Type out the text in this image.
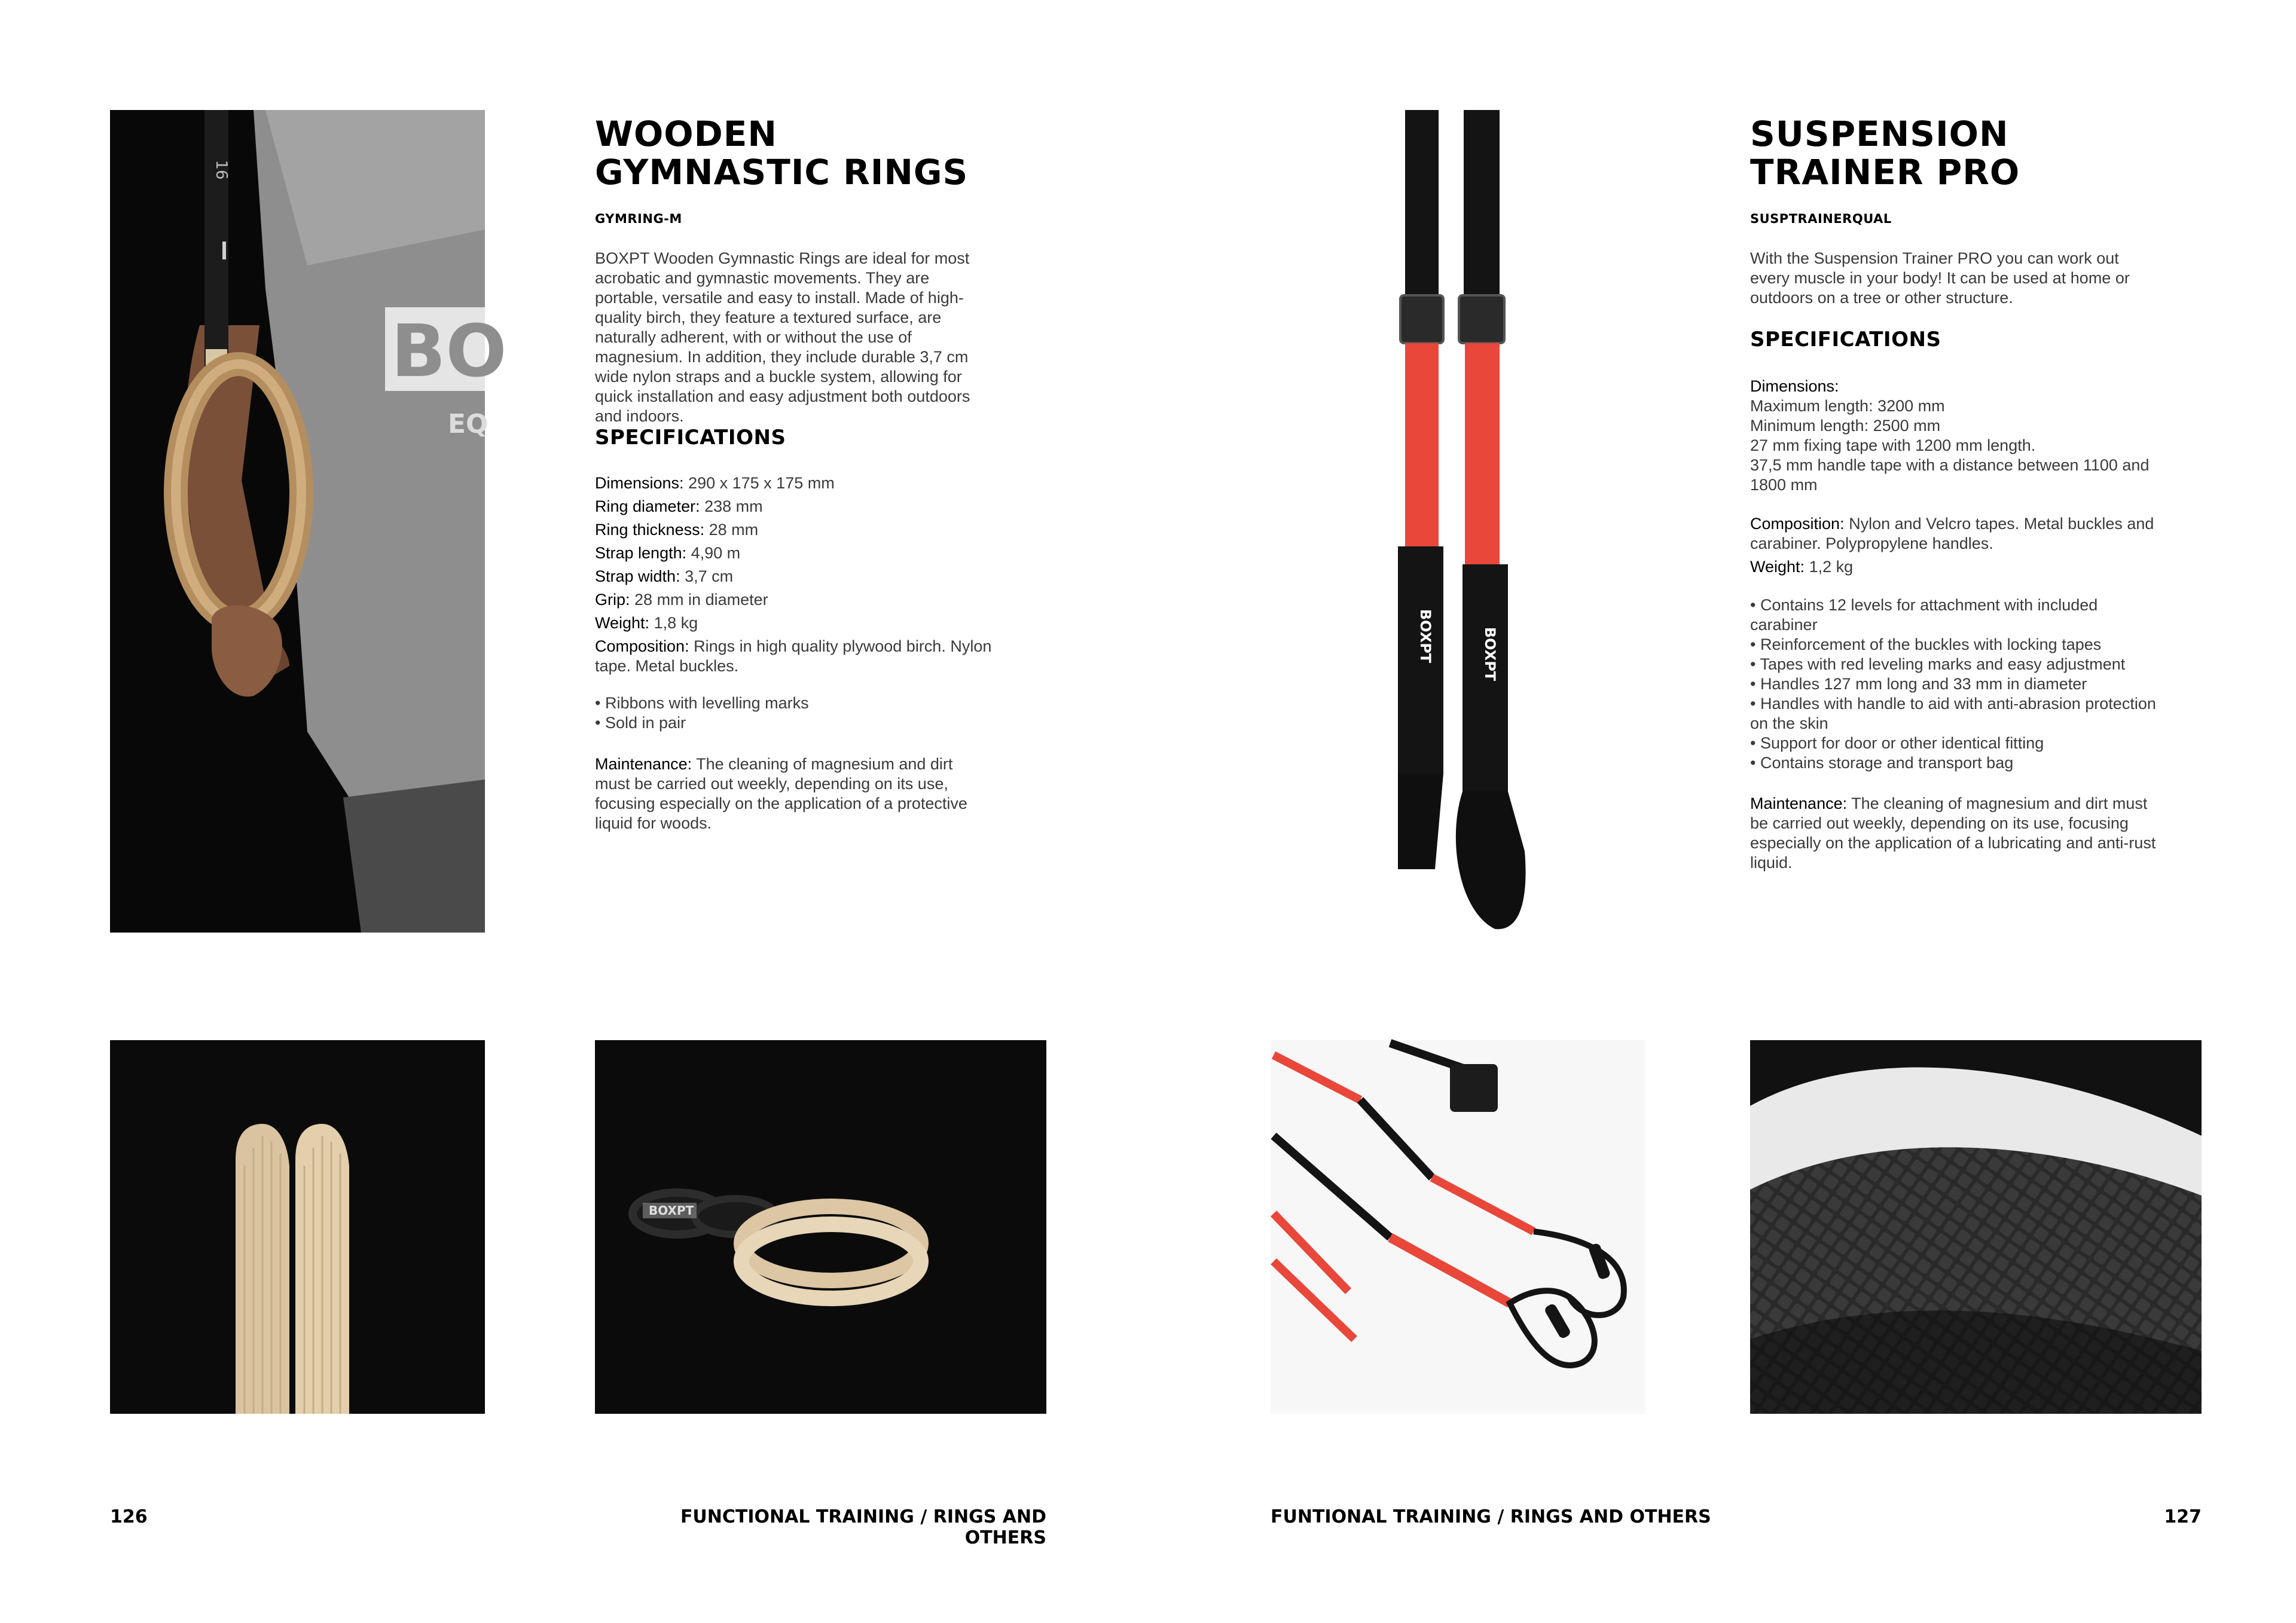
16
BO
EQ

WOODEN

GYMNASTIC RINGS

GYMRING-M

BOXPT Wooden Gymnastic Rings are ideal for most acrobatic and gymnastic movements. They are portable, versatile and easy to install. Made of high-quality birch, they feature a textured surface, are naturally adherent, with or without the use of magnesium. In addition, they include durable 3,7 cm wide nylon straps and a buckle system, allowing for quick installation and easy adjustment both outdoors and indoors.

SPECIFICATIONS
Dimensions: 290 x 175 x 175 mm
Ring diameter: 238 mm
Ring thickness: 28 mm
Strap length: 4,90 m
Strap width: 3,7 cm
Grip: 28 mm in diameter
Weight: 1,8 kg
Composition: Rings in high quality plywood birch. Nylon tape. Metal buckles.
• Ribbons with levelling marks
• Sold in pair

Maintenance: The cleaning of magnesium and dirt must be carried out weekly, depending on its use, focusing especially on the application of a protective liquid for woods.

BOXPT
126	FUNCTIONAL TRAINING / RINGS AND OTHERS
BOXPT	BOXPT

SUSPENSION

TRAINER PRO

SUSPTRAINERQUAL

With the Suspension Trainer PRO you can work out every muscle in your body! It can be used at home or outdoors on a tree or other structure.

SPECIFICATIONS
Dimensions:
Maximum length: 3200 mm
Minimum length: 2500 mm
27 mm fixing tape with 1200 mm length.
37,5 mm handle tape with a distance between 1100 and 1800 mm

Composition: Nylon and Velcro tapes. Metal buckles and carabiner. Polypropylene handles.

Weight: 1,2 kg

• Contains 12 levels for attachment with included carabiner
• Reinforcement of the buckles with locking tapes
• Tapes with red leveling marks and easy adjustment
• Handles 127 mm long and 33 mm in diameter
• Handles with handle to aid with anti-abrasion protection on the skin
• Support for door or other identical fitting
• Contains storage and transport bag

Maintenance: The cleaning of magnesium and dirt must be carried out weekly, depending on its use, focusing especially on the application of a lubricating and anti-rust liquid.

FUNTIONAL TRAINING / RINGS AND OTHERS	127
